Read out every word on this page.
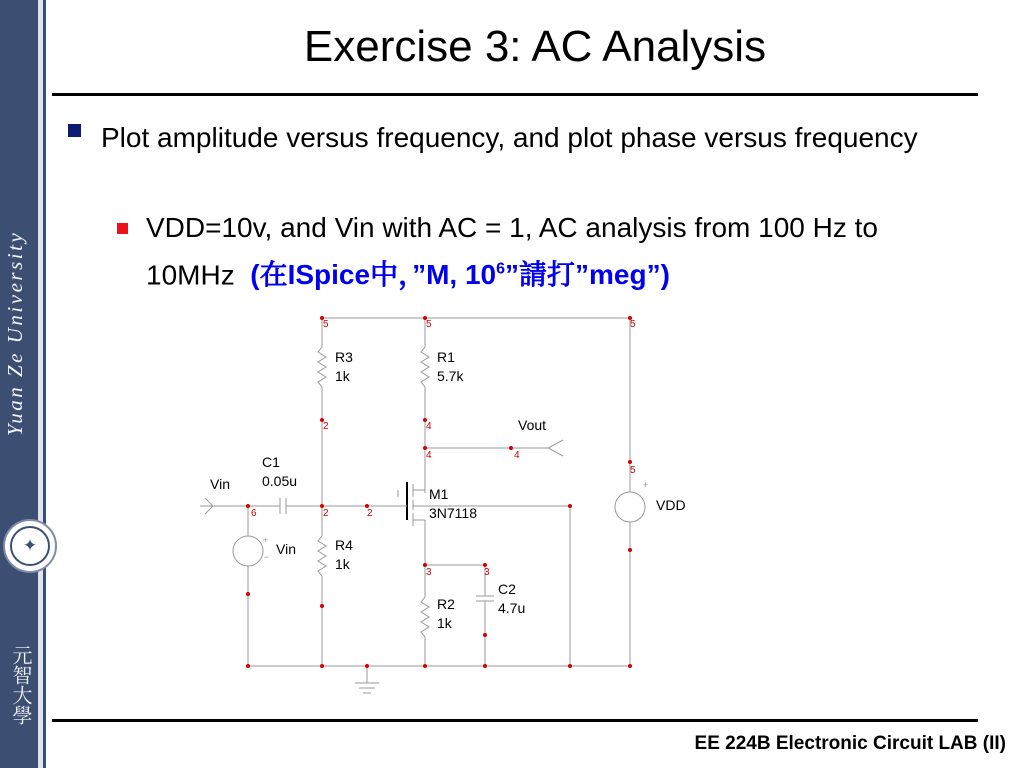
Yuan Ze University
元智大學
✦
Exercise 3: AC Analysis
Plot amplitude versus frequency, and plot phase versus frequency
VDD=10v, and Vin with AC = 1, AC analysis from 100 Hz to 10MHz (在ISpice中，”M, $10^6$”請打”meg”)
−
+
+
5	5	5
5
2	4
4	4
6	2	2
3	3
R3
1k
R1
5.7k
Vout
C1
0.05u
Vin
M1
3N7118	VDD
Vin	R4
1k
C2
4.7u
R2
1k
EE 224B Electronic Circuit LAB (II)
